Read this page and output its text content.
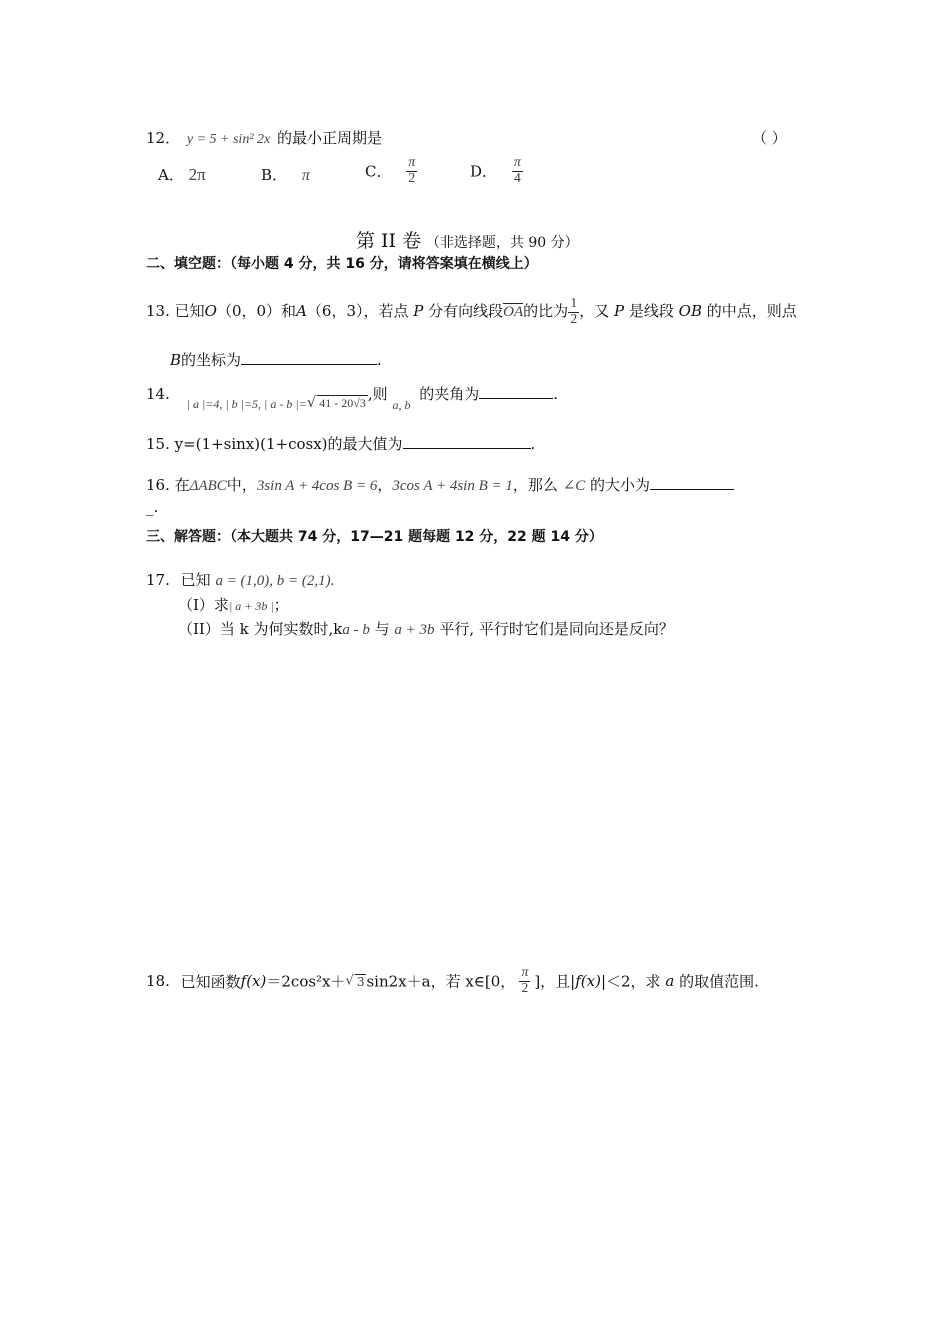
12． y = 5 + sin² 2x 的最小正周期是	（ ）
A． 2π	B． π	C． $\frac{\pi}{2}$	D． $\frac{\pi}{4}$
第 II 卷 （非选择题，共 90 分）
二、填空题：（每小题 4 分，共 16 分，请将答案填在横线上）
13. 已知O（0，0）和A（6，3），若点 P 分有向线段OA的比为 $\frac{1}{2}$ ，又 P 是线段 OB 的中点，则点
B的坐标为	.
14. $_{| a |=4, | b |=5, | a - b |=}$√ 41 - 20√3 ,则 $_{a, b}$ 的夹角为	.
15. y=(1+sinx)(1+cosx)的最大值为	.
16. 在ΔABC中，3sin A + 4cos B = 6，3cos A + 4sin B = 1，那么 ∠C 的大小为
_.
三、解答题：（本大题共 74 分，17—21 题每题 12 分，22 题 14 分）
17. 已知 a = (1,0), b = (2,1).
（I）求| a + 3b |；
（II）当 k 为何实数时,ka - b 与 a + 3b 平行, 平行时它们是同向还是反向？
18. 已知函数f(x)＝2cos²x＋√ 3 sin2x＋a，若 x∈[0， $\frac{\pi}{2}$ ]，且|f(x)|＜2，求 a 的取值范围.
